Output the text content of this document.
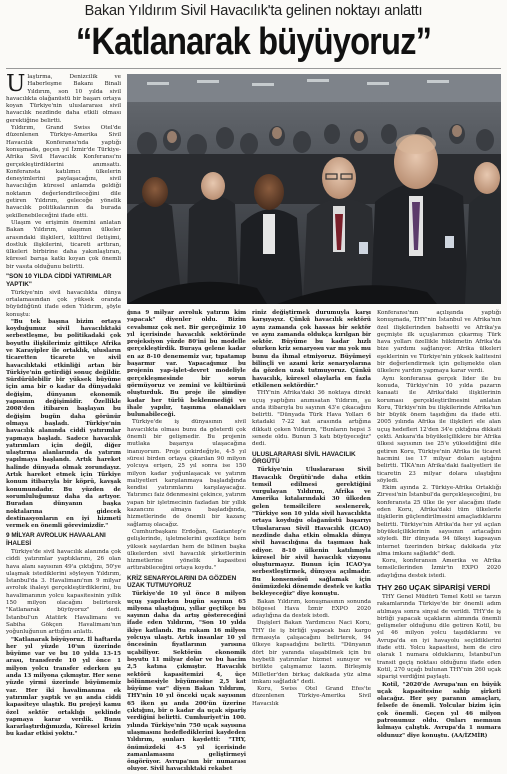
Bakan Yıldırım Sivil Havacılık'ta gelinen noktayı anlattı
“Katlanarak büyüyoruz”

Ulaştırma, Denizcilik ve Haberleşme Bakanı Binali Yıldırım, son 10 yılda sivil havacılıkta olağanüstü bir başarı ortaya koyan Türkiye'nin uluslararası sivil havacılık nezdinde daha etkili olması gerektiğine belirtti.

Yıldırım, Grand Swiss Otel'de düzenlenen Türkiye-Amerika Sivil Havacılık Konferansı'nda yaptığı konuşmada, geçen yıl İzmir'de Türkiye-Afrika Sivil Havacılık Konferansı'nı gerçekleştirdiklerini anımsattı. Konferansta katılımcı ülkelerin deneyimlerini paylaşacağını, sivil havacılığın küresel anlamda geldiği noktanın değerlendirileceğini dile getiren Yıldırım, geleceğe yönelik havacılık politikalarının da burada şekillenebileceğini ifade etti.

Ulaşım ve erişimin önemini anlatan Bakan Yıldırım, ulaşımın ülkeler arasındaki ilişkileri, kültürel iletişimi, dostluk ilişkilerini, ticareti arttıran, ülkeleri birbirine daha yakınlaştıran, küresel barışa katkı koyan çok önemli bir vasıta olduğunu belirtti.

"SON 10 YILDA CİDDİ YATIRIMLAR YAPTIK"

Türkiye'nin sivil havacılıkta dünya ortalamasından çok yüksek oranda büyüdüğünü ifade eden Yıldırım, şöyle konuştu:

"Bu tek başına bizim ortaya koyduğumuz sivil havacılıktaki serbestleşme, bu politikadaki çok boyutlu ilişkilerimiz gittikçe Afrika ve Karayipler ile ortaklık, ulusların ticaretten ticarete ve sivil havacılıktaki etkinliği artan bir Türkiye'nin getirdiği sonuç değildir. Sürdürülebilir bir yüksek büyüme için ama bir o kadar da dünyadaki değişim, dünyanın ekonomik yapısının değişimidir. Özellikle 2008'den itibaren başlayan bu değişim bugün daha görünür olmaya başladı. Türkiye'nin havacılık alanında ciddi yatırımlar yapmaya başladı. Sadece havacılık yatırımları için değil, diğer ulaştırma alanlarında da yatırım yapılmaya başlandı. Artık hareket halinde dünyada olmak zorundayız. Artık hareket etmek için Türkiye konum itibarıyla bir köprü, kavşak konumundadır. Bu yüzden de sorumluluğumuz daha da artıyor. Buradan dünyanın başka noktalarına gidecek destinasyonların en iyi hizmeti vermek en önemli görevimizdir."

9 MİLYAR AVROLUK HAVAALANI İHALESİ

Türkiye'de sivil havacılık alanında çok ciddi yatırımlar yaptıklarını, 26 olan hava alanı sayısının 49'a çıktığını, 50'ye ulaşmak istediklerini söyleyen Yıldırım, İstanbul'da 3. Havalimanı'nın 9 milyar avroluk ihaleyi gerçekleştirdiklerini, bu havalimanının yolcu kapasitesinin yıllık 150 milyon olacağını belirterek "Katlanarak büyüyoruz" dedi. İstanbul'un Atatürk Havalimanı ve Sabiha Gökçen Havalimanı'nın yoğunluğunun arttığını anlattı.

"Katlanarak büyüyoruz. İl haftarda her yıl yüzde 10'un üzerinde büyüme var ve bu 10 yılda 13-15 arası, transferde 10 yıl önce 1 milyon yolcu transfer ederken şu anda 13 milyona çıkmıştır. Her sene yüzde yirmi üzerinde büyümemiz var. Her iki havalimanına ek yatırımlar yaptık ve şu anda ciddi kapasiteye ulaştık. Bu projeyi kamu özel sektör ortaklığı şeklinde yapmaya karar verdik. Bunu kararlaştırdığımızda, Küresel krizin bu kadar etkisi yoktu."

ğına 9 milyar avroluk yatırım kim yapacak" diyenler oldu. Bizim cevabımız çok net. Bir gerçeğimiz 10 yıl içerisinde havacılık sektöründe projeksiyon yüzde 80'ini bu modelle gerçekleştirdik. Buraya gelene kadar en az 8-10 denememiz var, tıpatamıp başarmır var. Yapacağımız bu projenin yap-işlet-devret modeliyle gerçekleşmesinde bir sorun görmüyoruz ve zemini ve kültürünü oluşturduk. Bu proje ile şimdiye kadar her türlü beklenmediği ve ihale yapılır, taşınma olanakları bulunabileceği.

Türkiye'de iş dünyasının sivil havacılıkta olması bunu da gösterdi çok önemli bir gelişmedir. Bu projenin mutlaka başarıya ulaşacağına inanıyorum. Proje çekirdeğiyle, 4-5 yıl süresi birden ortaya çıkarılan 90 milyon yolcuya erişen, 25 yıl sonra ise 150 milyon kadar yoğunlaşacak ve yatırım maliyetleri karşılanmaya başladığında kendisi yatırımlarını karşılayacağız. Yatırımcı faiz ödenmesini çekince, yatırım yapan bir işletmecinin fazladan bir yıllık kazancını almaya başladığında, hizmetlerinde de önemli bir kazanç sağlamış olacağız.

Cumhurbaşkanı Erdoğan, Gaziantep'e gelişlerinde, işletmelerini gezdikçe hem yüksek sayılardan hem de bilinen başka ülkelerden sivil havacılık şirketlerinin hizmetlerine yönelik kapasitesi arttırabileceğini ortaya koydu."

KRİZ SENARYOLARINI DA GÖZDEN UZAK TUTMUYORUZ

Türkiye'de 10 yıl önce 8 milyon uçuş yapılırken bugün sayının 65 milyona ulaştığını, yıllar geçtikçe bu sayının daha da artış göstereceğini ifade eden Yıldırım, "Son 10 yılda ikiye katlandı. Bu rakam 16 milyon yolcuya ulaştı. Artık insanlar 10 yıl öncesinin fiyatlarının yarısına uçabiliyor. Sektörün ekonomik boyutu 11 milyar dolar ve bu hacim 2,5 katına çıkmıştır. Havacılık sektörü kapasitemizi 4, üçe bölünmesiyle büyümesine 2,5 kat büyüme var" diyen Bakan Yıldırım, THY'nin 10 yıl önceki uçak sayısının 65 iken şu anda 200'ün üzerine çıktığını, bir o kadar da uçak sipariş verdiğini belirtti. Cumhuriyet'in 100. yılında Türkiye'nin 750 uçak sayısına ulaşmasını hedeflediklerini kaydeden Yıldırım, şunları kaydetti: "THY, önümüzdeki 4-5 yıl içerisinde zamanlamasını geliştirmeyi öngörüyor. Avrupa'nın bir numarası oluyor. Sivil havacılıktaki rekabet

riniz değiştirmek durumuyla karşı karşıyayız. Çünkü havacılık sektörü aynı zamanda çok hassas bir sektör ve aynı zamanda oldukça kırılgan bir sektör. Büyüme bu kadar hızlı olurken kriz senaryosu var mı yok mu bunu da ihmal etmiyoruz. Büyümeyi bilinçli ve azami kriz senaryolarına da gözden uzak tutmuyoruz. Çünkü havacılık, küresel olaylarla en fazla etkilenen sektördür."

THY'nin Afrika'daki 36 noktaya direkt uçuş yaptığını anımsatan Yıldırım, şu anda itibarıyla bu sayının 43'e çıkacağını belirtti. "Dünyada Türk Hava Yolları 6 kıtadaki 7-22 kat arasında artığına dikkati çeken Yıldırım, "Bunların hepsi 3 senede oldu. Bunun 3 katı büyüyeceğiz" dedi.

ULUSLARARASI SİVİL HAVACILIK ÖRGÜTÜ

Türkiye'nin Uluslararası Sivil Havacılık Örgütü'nde daha etkin temsil edilmesi gerektiğini vurgulayan Yıldırım, Afrika ve Amerika kıtalarındaki 30 ülkeden gelen temsilcilere seslenerek, "Türkiye son 10 yılda sivil havacılıkta ortaya koyduğu olağanüstü başarıyı Uluslararası Sivil Havacılık (ICAO) nezdinde daha etkin olmakla dünya sivil havacılığına da taşıması hak ediyor. 8-10 ülkenin katılımıyla küresel bir sivil havacılık vizyonu oluşturmayız. Bunun için ICAO'ya serbestleştirmek, dünyaya açılmadır. Bu konsensüsü sağlamak için önümüzdeki dönemde destek ve katkı bekleyeceğiz" diye konuştu.

Bakan Yıldırım, konuşmasının sonunda bölgesel Hava İzmir EXPO 2020 adaylığına da destek istedi.

Dışişleri Bakan Yardımcısı Naci Koru, THY ile iş birliği yapacak bazı kargo firmasıyla çalışacağını belirterek, 94 ülkeye kapsadığını belirtti. "Dünyanın dört bir yanında ulaşabilmek için bu heybetli yatırımlar hizmet sunuyor ve birlikte çalışmamız lazım. Birleşmiş Milletler'den birkaç dakikada yüz alma imkanı sağladık" dedi.

Koru, Swiss Otel Grand Efes'te düzenlenen Türkiye-Amerika Sivil Havacılık

Konferansı'nın açılışında yaptığı konuşmada, THY'nin İstanbul ve Afrika'nın özel ilişkilerinden bahsetti ve Afrika'ya geçmişte ilk uçuşlarımızı çıkarmış Türk hava yolları özellikle hükümetin Afrika'da bize yardımı sağlanıyor. Afrika ülkeleri eşeklerinin ve Türkiye'nin yüksek kalitesini bir değerlendirmek için gelişmekte olan ülkelere yardım yapmaya karar verdi.

Aynı konferansa gerçek lider ile bu konuda, Türkiye'nin 10 yılda pazarın kanaati ile Afrika'daki ilişkilerinin koruması gerçekleştirilmesini anlatan Koru, Türkiye'nin bu ilişkilerinde Afrika'nın bir büyük önem taşıdığını da ifade etti. 2005 yılında Afrika ile ilişkileri ele alan uçuş hedefleri 12'den 34'e çıktığına dikkati çekti. Ankara'da büyükelçiliklere bir Afrika ülkesi sayısının ise 25'e yükseldiğini dile getiren Koru, Türkiye'nin Afrika ile ticaret hacmini ise 17 milyar doları aştığını belirtti. TİKA'nın Afrika'daki faaliyetleri ile ticaretin 23 milyar dolara ulaştığını söyledi.

Ekim ayında 2. Türkiye-Afrika Ortaklığı Zirvesi'nin İstanbul'da gerçekleşeceğini, bu konferansta 25 ülke ile yer alacağını ifade eden Koru, Afrika'daki tüm ülkelerle ilişkilerin güçlendirilmesini amaçladıklarını belirtti. Türkiye'nin Afrika'da her yıl açılan büyükelçiliklerinin sayısının artacağını söyledi. Bir dünyada 94 ülkeyi kapsayan internet üzerinden birkaç dakikada yüz alma imkanı sağladık" dedi.

Koru, konferansın Amerika ve Afrika temsilcilerinden İzmir'in EXPO 2020 adaylığına destek istedi.

THY 260 UÇAK SİPARİŞİ VERDİ

THY Genel Müdürü Temel Kotil se tarzın rakamlarında Türkiye'de bir önemli adım atılmaya sonra sinyal de verildi. THY'de iş birliği yapacak uçakların alımında önemli gelişmeler olduğunu dile getiren Kotil, bu yıl 46 milyon yolcu taşıdıklarını ve Avrupa'da en iyi havayolu seçildiklerini ifade etti. Yolcu kapasitesi, hem de ciro olarak 1 numara olduklarını, İstanbul'un transit geçiş noktası olduğunu ifade eden Kotil, 270 uçağı bulunan THY'nin 260 uçak siparişi verdiğini paylaştı.

Kotil, "2020'de Avrupa'nın en büyük uçak kapasitesine sahip şirketi olacağız. Her şey paranın amaçları, felsefe de önemli. Yolcular bizim için çok önemli. Geçen yıl 46 milyon patronumuz oldu. Onları memnun kılmaya çalıştık. Avrupa'da 1 numara oldunuz" diye konuştu. (AA/İZMİR)
